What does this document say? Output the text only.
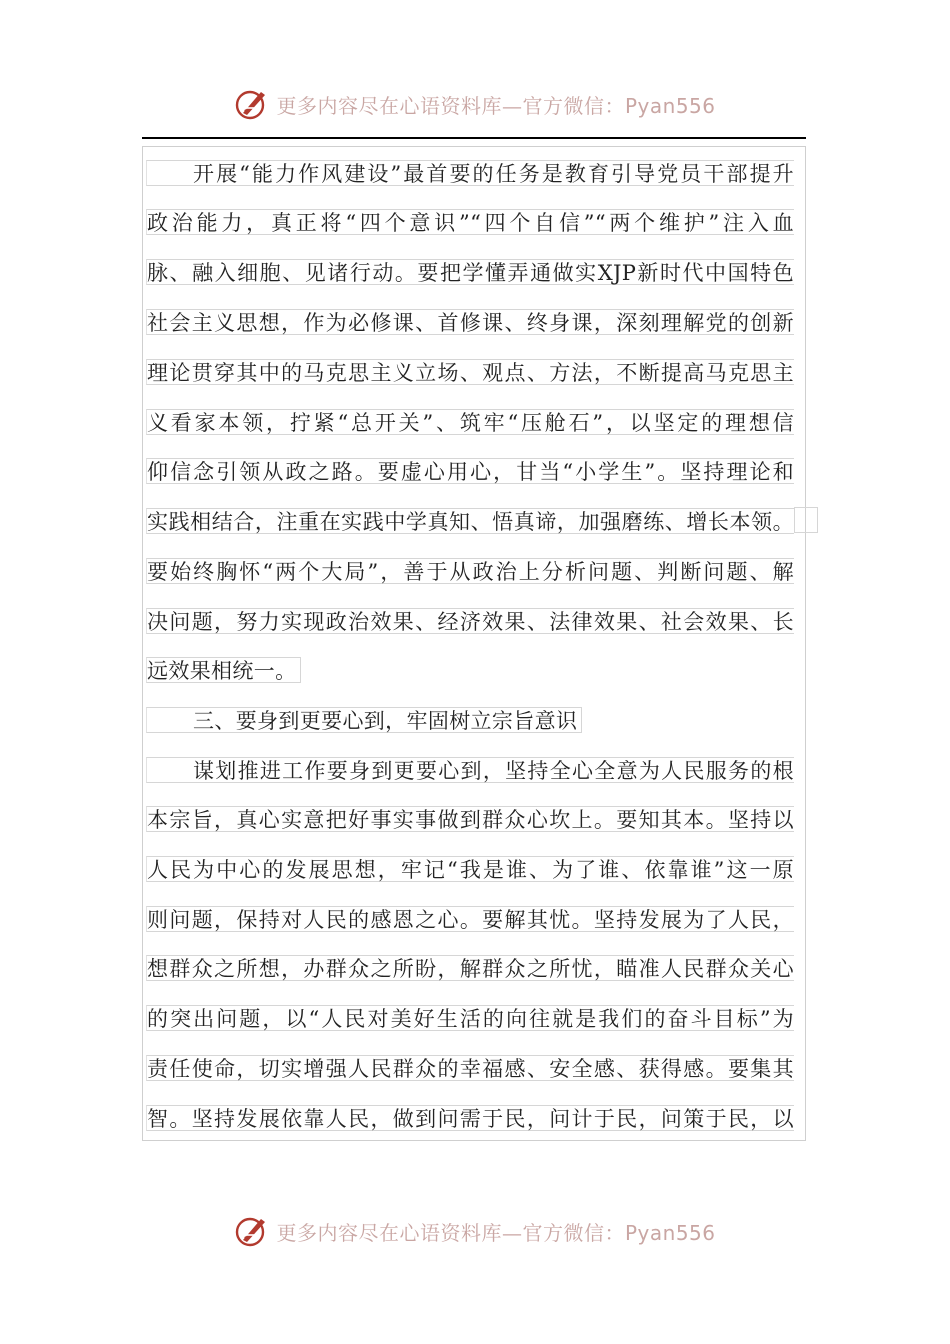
更多内容尽在心语资料库—官方微信：Pyan556
开展“能力作风建设”最首要的任务是教育引导党员干部提升
政治能力，真正将“四个意识”“四个自信”“两个维护”注入血
脉、融入细胞、见诸行动。要把学懂弄通做实XJP新时代中国特色
社会主义思想，作为必修课、首修课、终身课，深刻理解党的创新
理论贯穿其中的马克思主义立场、观点、方法，不断提高马克思主
义看家本领，拧紧“总开关”、筑牢“压舱石”，以坚定的理想信
仰信念引领从政之路。要虚心用心，甘当“小学生”。坚持理论和
实践相结合，注重在实践中学真知、悟真谛，加强磨练、增长本领。
要始终胸怀“两个大局”，善于从政治上分析问题、判断问题、解
决问题，努力实现政治效果、经济效果、法律效果、社会效果、长
远效果相统一。
三、要身到更要心到，牢固树立宗旨意识
谋划推进工作要身到更要心到，坚持全心全意为人民服务的根
本宗旨，真心实意把好事实事做到群众心坎上。要知其本。坚持以
人民为中心的发展思想，牢记“我是谁、为了谁、依靠谁”这一原
则问题，保持对人民的感恩之心。要解其忧。坚持发展为了人民，
想群众之所想，办群众之所盼，解群众之所忧，瞄准人民群众关心
的突出问题，以“人民对美好生活的向往就是我们的奋斗目标”为
责任使命，切实增强人民群众的幸福感、安全感、获得感。要集其
智。坚持发展依靠人民，做到问需于民，问计于民，问策于民，以
更多内容尽在心语资料库—官方微信：Pyan556
